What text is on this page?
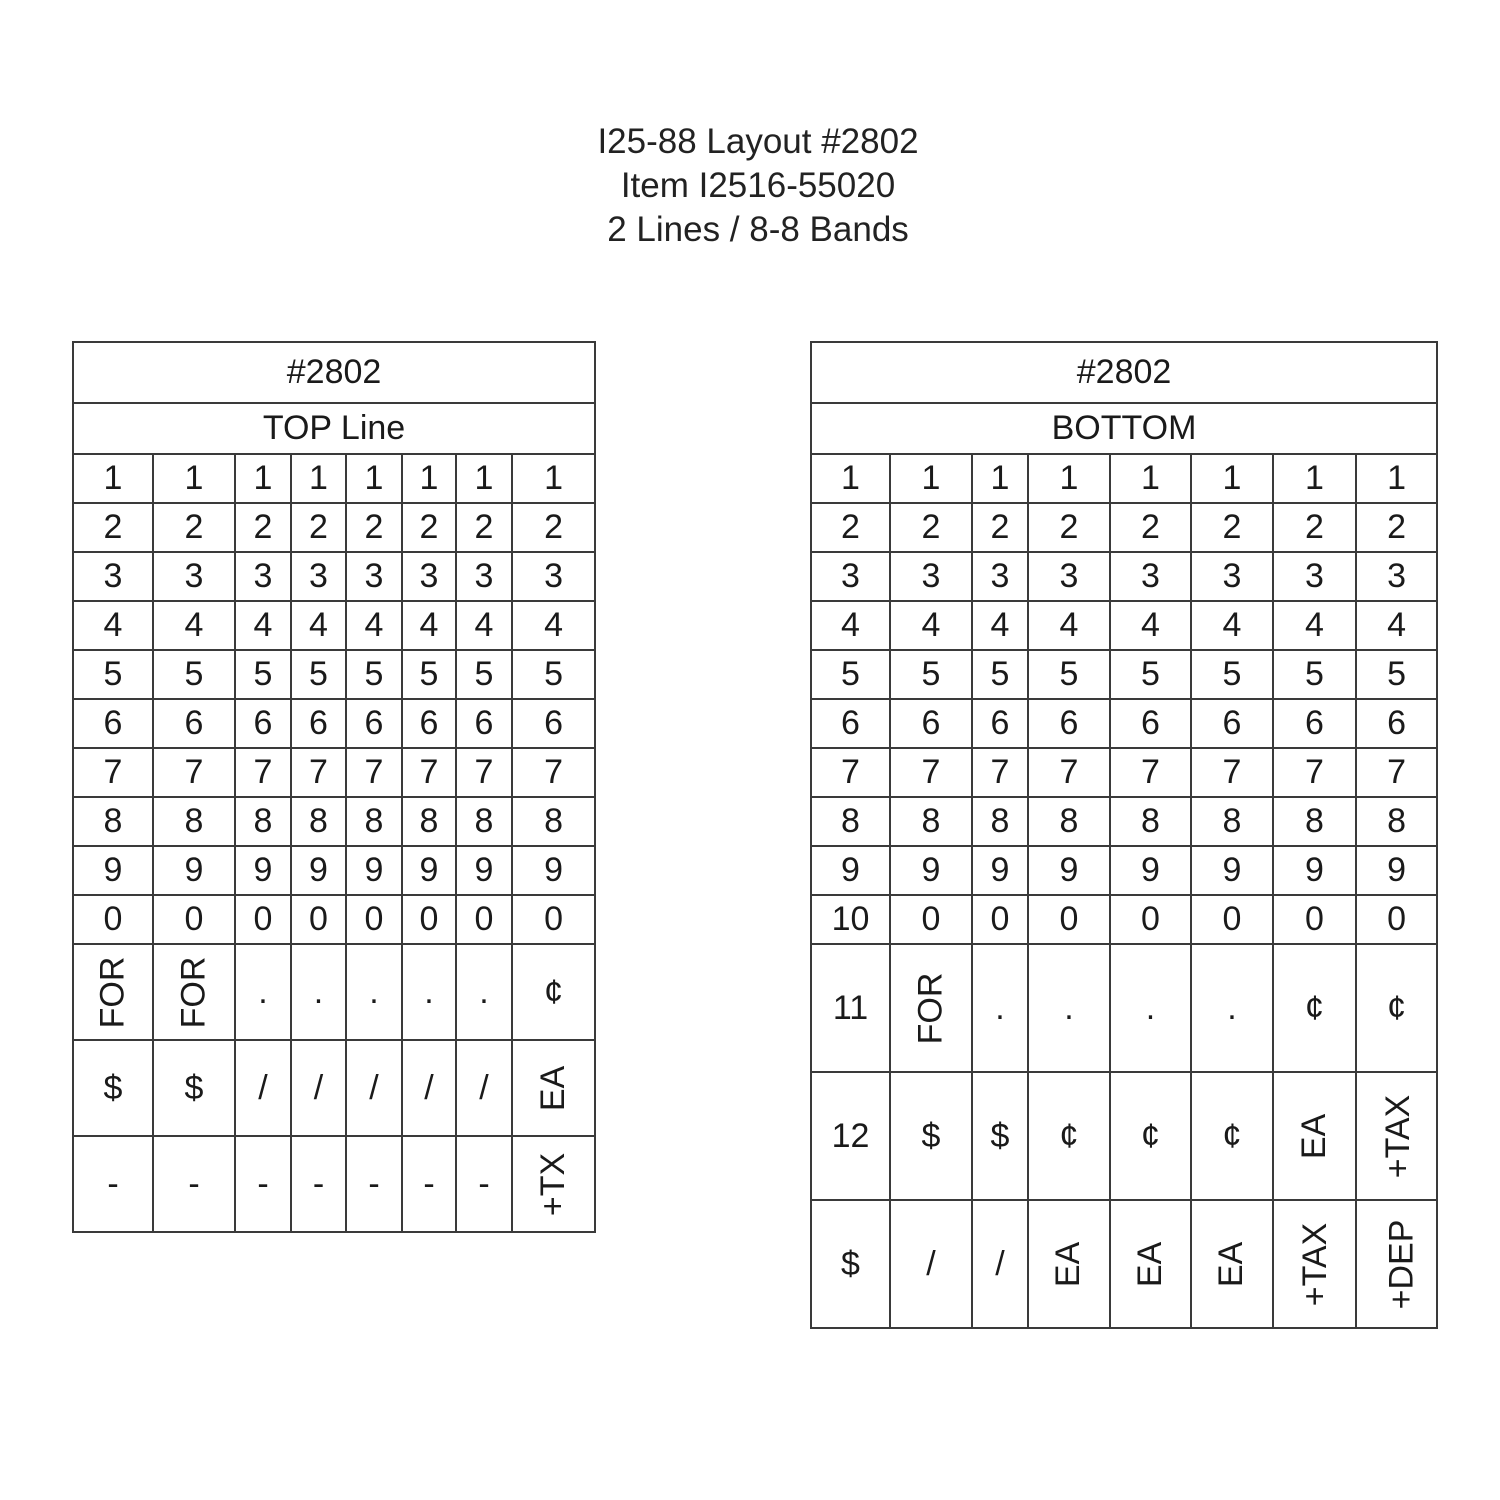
I25-88 Layout #2802
Item I2516-55020
2 Lines / 8-8 Bands
#2802							
TOP Line							
1	1	1	1	1	1	1	1
2	2	2	2	2	2	2	2
3	3	3	3	3	3	3	3
4	4	4	4	4	4	4	4
5	5	5	5	5	5	5	5
6	6	6	6	6	6	6	6
7	7	7	7	7	7	7	7
8	8	8	8	8	8	8	8
9	9	9	9	9	9	9	9
0	0	0	0	0	0	0	0
FOR	FOR	.	.	.	.	.	¢
$	$	/	/	/	/	/	EA
-	-	-	-	-	-	-	+TX
#2802							
BOTTOM							
1	1	1	1	1	1	1	1
2	2	2	2	2	2	2	2
3	3	3	3	3	3	3	3
4	4	4	4	4	4	4	4
5	5	5	5	5	5	5	5
6	6	6	6	6	6	6	6
7	7	7	7	7	7	7	7
8	8	8	8	8	8	8	8
9	9	9	9	9	9	9	9
10	0	0	0	0	0	0	0
11	FOR	.	.	.	.	¢	¢
12	$	$	¢	¢	¢	EA	+TAX
$	/	/	EA	EA	EA	+TAX	+DEP
